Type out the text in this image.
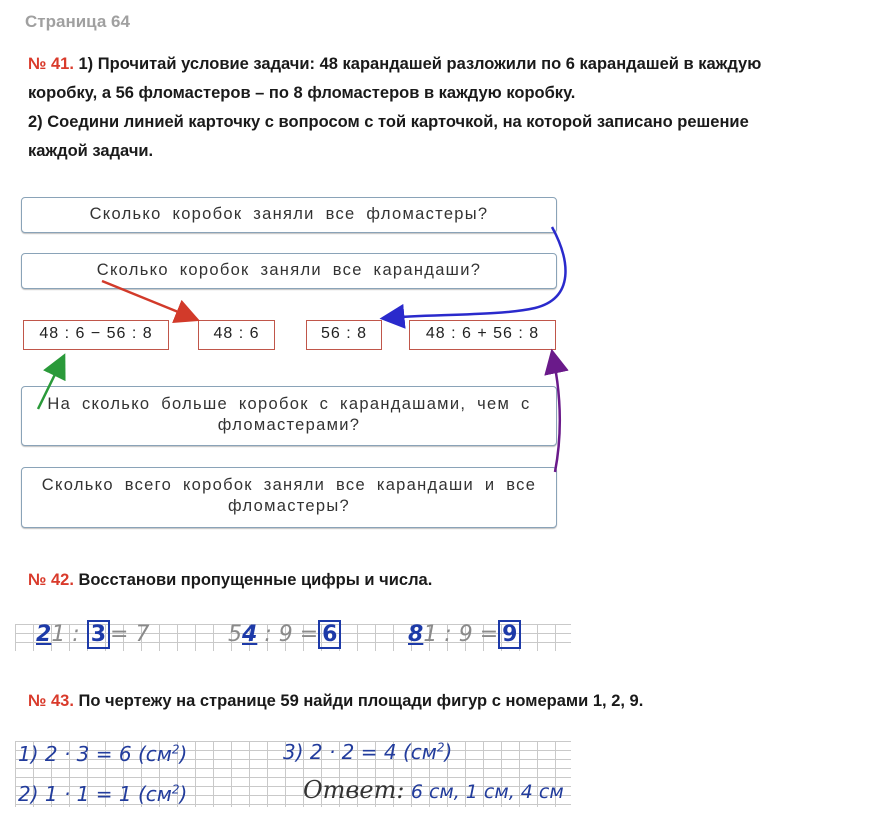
Страница 64
№ 41. 1) Прочитай условие задачи: 48 карандашей разложили по 6 карандашей в каждую
коробку, а 56 фломастеров – по 8 фломастеров в каждую коробку.
2) Соедини линией карточку с вопросом с той карточкой, на которой записано решение
каждой задачи.
Сколько коробок заняли все фломастеры?
Сколько коробок заняли все карандаши?
48 : 6 − 56 : 8	48 : 6	56 : 8	48 : 6 + 56 : 8
На сколько больше коробок с карандашами, чем с
фломастерами?
Сколько всего коробок заняли все карандаши и все
фломастеры?
№ 42. Восстанови пропущенные цифры и числа.
21 : 3 = 7	54 : 9 = 6	81 : 9 = 9
№ 43. По чертежу на странице 59 найди площади фигур с номерами 1, 2, 9.
1) 2 · 3 = 6 $(см^2)$
2) 1 · 1 = 1 $(см^2)$
3) 2 · 2 = 4 $(см^2)$
Ответ: 6 см, 1 см, 4 см
